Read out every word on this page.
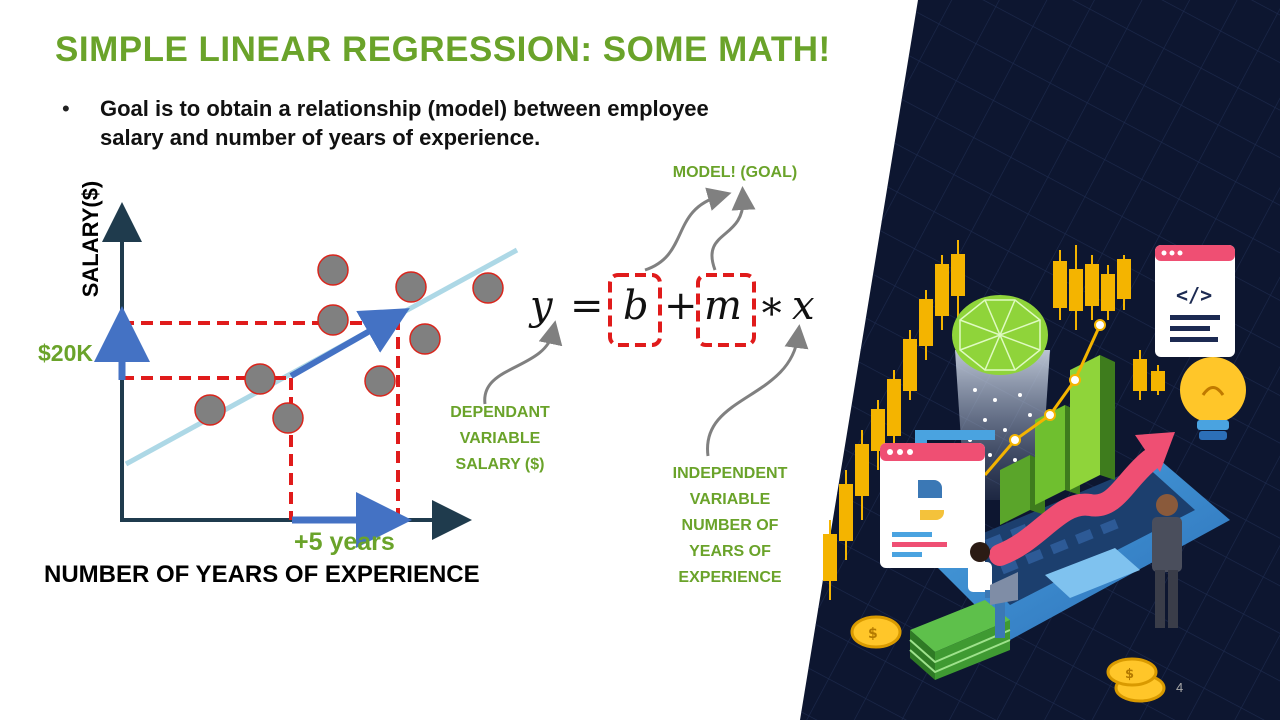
</>
$
$
SIMPLE LINEAR REGRESSION: SOME MATH!
• Goal is to obtain a relationship (model) between employee salary and number of years of experience.
SALARY($)
$20K
+5 years
NUMBER OF YEARS OF EXPERIENCE
y = b + m ∗ x
MODEL! (GOAL)
DEPENDANT
VARIABLE
SALARY ($)
INDEPENDENT
VARIABLE
NUMBER OF
YEARS OF
EXPERIENCE
4
